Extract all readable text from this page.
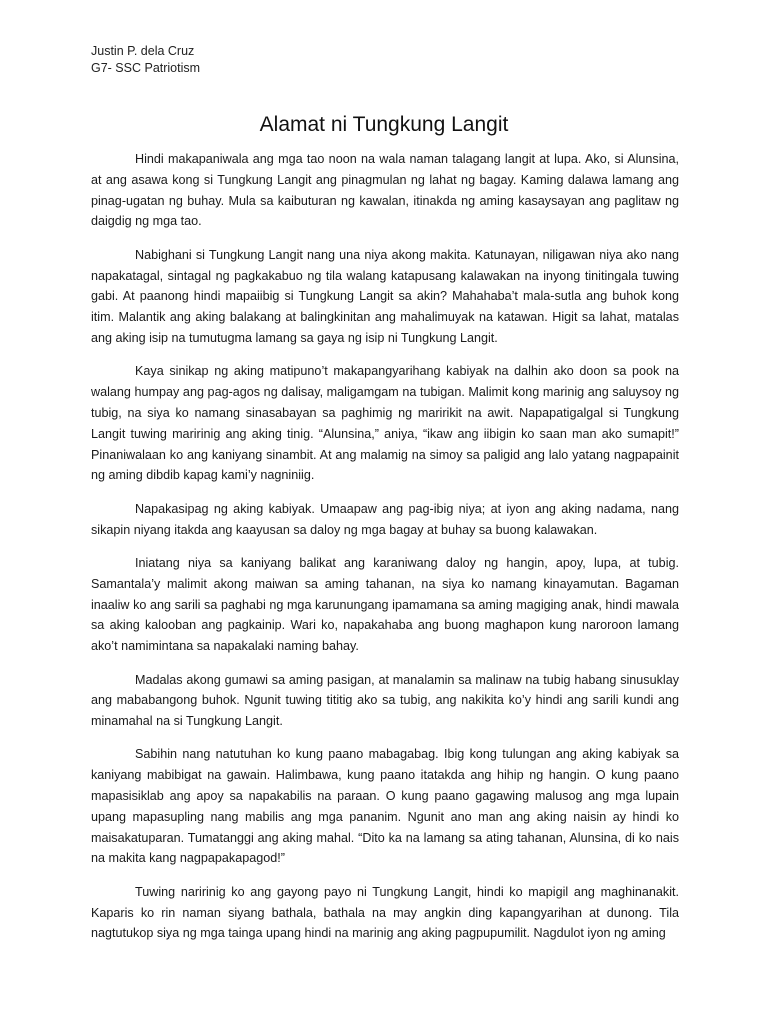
Justin P. dela Cruz
G7- SSC Patriotism
Alamat ni Tungkung Langit

Hindi makapaniwala ang mga tao noon na wala naman talagang langit at lupa. Ako, si Alunsina, at ang asawa kong si Tungkung Langit ang pinagmulan ng lahat ng bagay. Kaming dalawa lamang ang pinag-ugatan ng buhay. Mula sa kaibuturan ng kawalan, itinakda ng aming kasaysayan ang paglitaw ng daigdig ng mga tao.

Nabighani si Tungkung Langit nang una niya akong makita. Katunayan, niligawan niya ako nang napakatagal, sintagal ng pagkakabuo ng tila walang katapusang kalawakan na inyong tinitingala tuwing gabi. At paanong hindi mapaiibig si Tungkung Langit sa akin? Mahahaba’t mala-sutla ang buhok kong itim. Malantik ang aking balakang at balingkinitan ang mahalimuyak na katawan. Higit sa lahat, matalas ang aking isip na tumutugma lamang sa gaya ng isip ni Tungkung Langit.

Kaya sinikap ng aking matipuno’t makapangyarihang kabiyak na dalhin ako doon sa pook na walang humpay ang pag-agos ng dalisay, maligamgam na tubigan. Malimit kong marinig ang saluysoy ng tubig, na siya ko namang sinasabayan sa paghimig ng maririkit na awit. Napapatigalgal si Tungkung Langit tuwing maririnig ang aking tinig. “Alunsina,” aniya, “ikaw ang iibigin ko saan man ako sumapit!” Pinaniwalaan ko ang kaniyang sinambit. At ang malamig na simoy sa paligid ang lalo yatang nagpapainit ng aming dibdib kapag kami’y nagniniig.

Napakasipag ng aking kabiyak. Umaapaw ang pag-ibig niya; at iyon ang aking nadama, nang sikapin niyang itakda ang kaayusan sa daloy ng mga bagay at buhay sa buong kalawakan.

Iniatang niya sa kaniyang balikat ang karaniwang daloy ng hangin, apoy, lupa, at tubig. Samantala’y malimit akong maiwan sa aming tahanan, na siya ko namang kinayamutan. Bagaman inaaliw ko ang sarili sa paghabi ng mga karunungang ipamamana sa aming magiging anak, hindi mawala sa aking kalooban ang pagkainip. Wari ko, napakahaba ang buong maghapon kung naroroon lamang ako’t namimintana sa napakalaki naming bahay.

Madalas akong gumawi sa aming pasigan, at manalamin sa malinaw na tubig habang sinusuklay ang mababangong buhok. Ngunit tuwing tititig ako sa tubig, ang nakikita ko’y hindi ang sarili kundi ang minamahal na si Tungkung Langit.

Sabihin nang natutuhan ko kung paano mabagabag. Ibig kong tulungan ang aking kabiyak sa kaniyang mabibigat na gawain. Halimbawa, kung paano itatakda ang hihip ng hangin. O kung paano mapasisiklab ang apoy sa napakabilis na paraan. O kung paano gagawing malusog ang mga lupain upang mapasupling nang mabilis ang mga pananim. Ngunit ano man ang aking naisin ay hindi ko maisakatuparan. Tumatanggi ang aking mahal. “Dito ka na lamang sa ating tahanan, Alunsina, di ko nais na makita kang nagpapakapagod!”

Tuwing naririnig ko ang gayong payo ni Tungkung Langit, hindi ko mapigil ang maghinanakit. Kaparis ko rin naman siyang bathala, bathala na may angkin ding kapangyarihan at dunong. Tila nagtutukop siya ng mga tainga upang hindi na marinig ang aking pagpupumilit. Nagdulot iyon ng aming
